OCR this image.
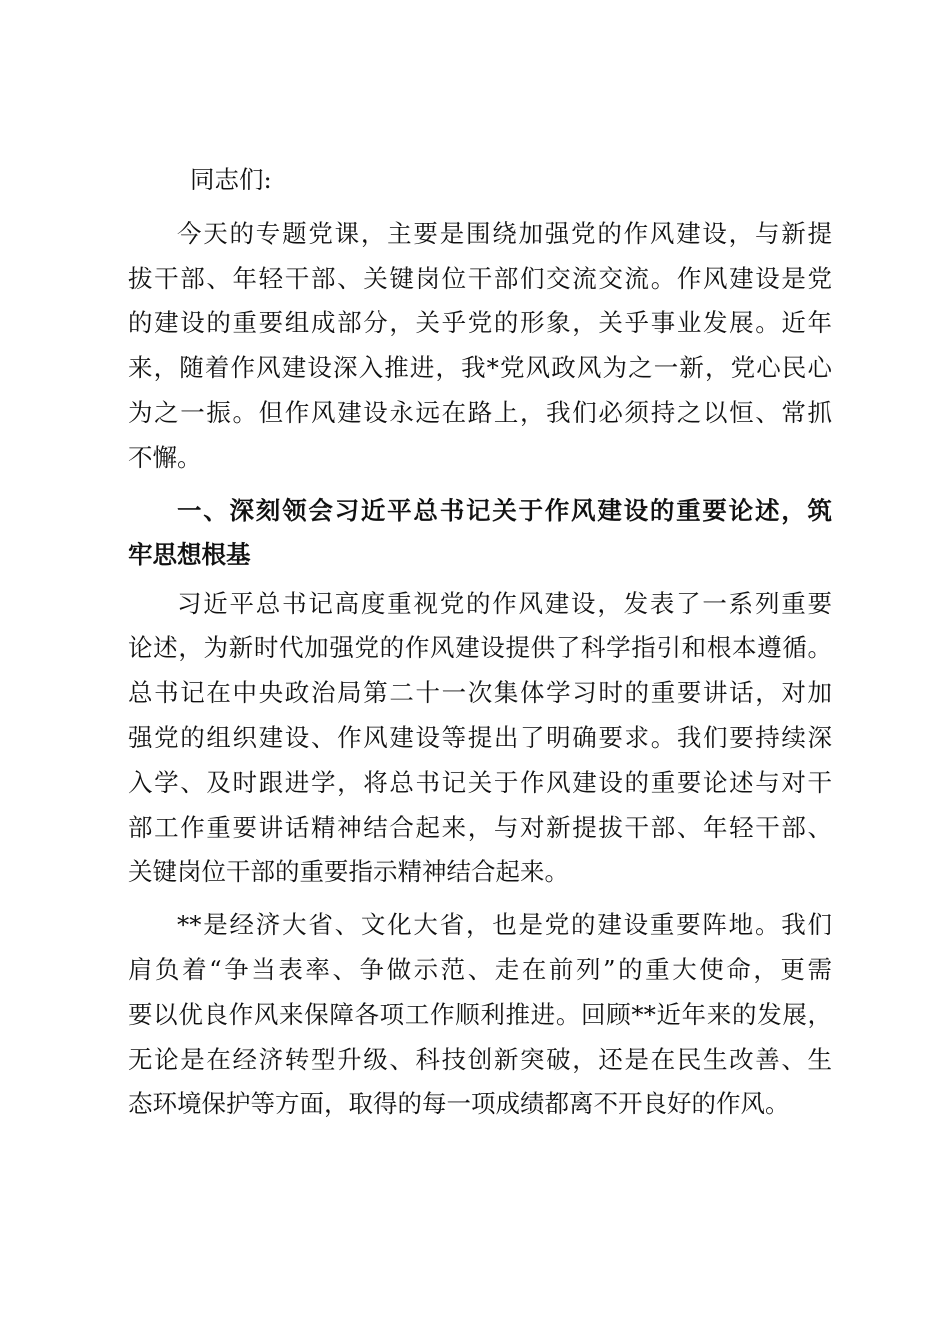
同志们:
今天的专题党课，主要是围绕加强党的作风建设，与新提
拔干部、年轻干部、关键岗位干部们交流交流。作风建设是党
的建设的重要组成部分，关乎党的形象，关乎事业发展。近年
来，随着作风建设深入推进，我*党风政风为之一新，党心民心
为之一振。但作风建设永远在路上，我们必须持之以恒、常抓
不懈。
一、深刻领会习近平总书记关于作风建设的重要论述，筑
牢思想根基
习近平总书记高度重视党的作风建设，发表了一系列重要
论述，为新时代加强党的作风建设提供了科学指引和根本遵循。
总书记在中央政治局第二十一次集体学习时的重要讲话，对加
强党的组织建设、作风建设等提出了明确要求。我们要持续深
入学、及时跟进学，将总书记关于作风建设的重要论述与对干
部工作重要讲话精神结合起来，与对新提拔干部、年轻干部、
关键岗位干部的重要指示精神结合起来。
**是经济大省、文化大省，也是党的建设重要阵地。我们
肩负着“争当表率、争做示范、走在前列”的重大使命，更需
要以优良作风来保障各项工作顺利推进。回顾**近年来的发展，
无论是在经济转型升级、科技创新突破，还是在民生改善、生
态环境保护等方面，取得的每一项成绩都离不开良好的作风。
